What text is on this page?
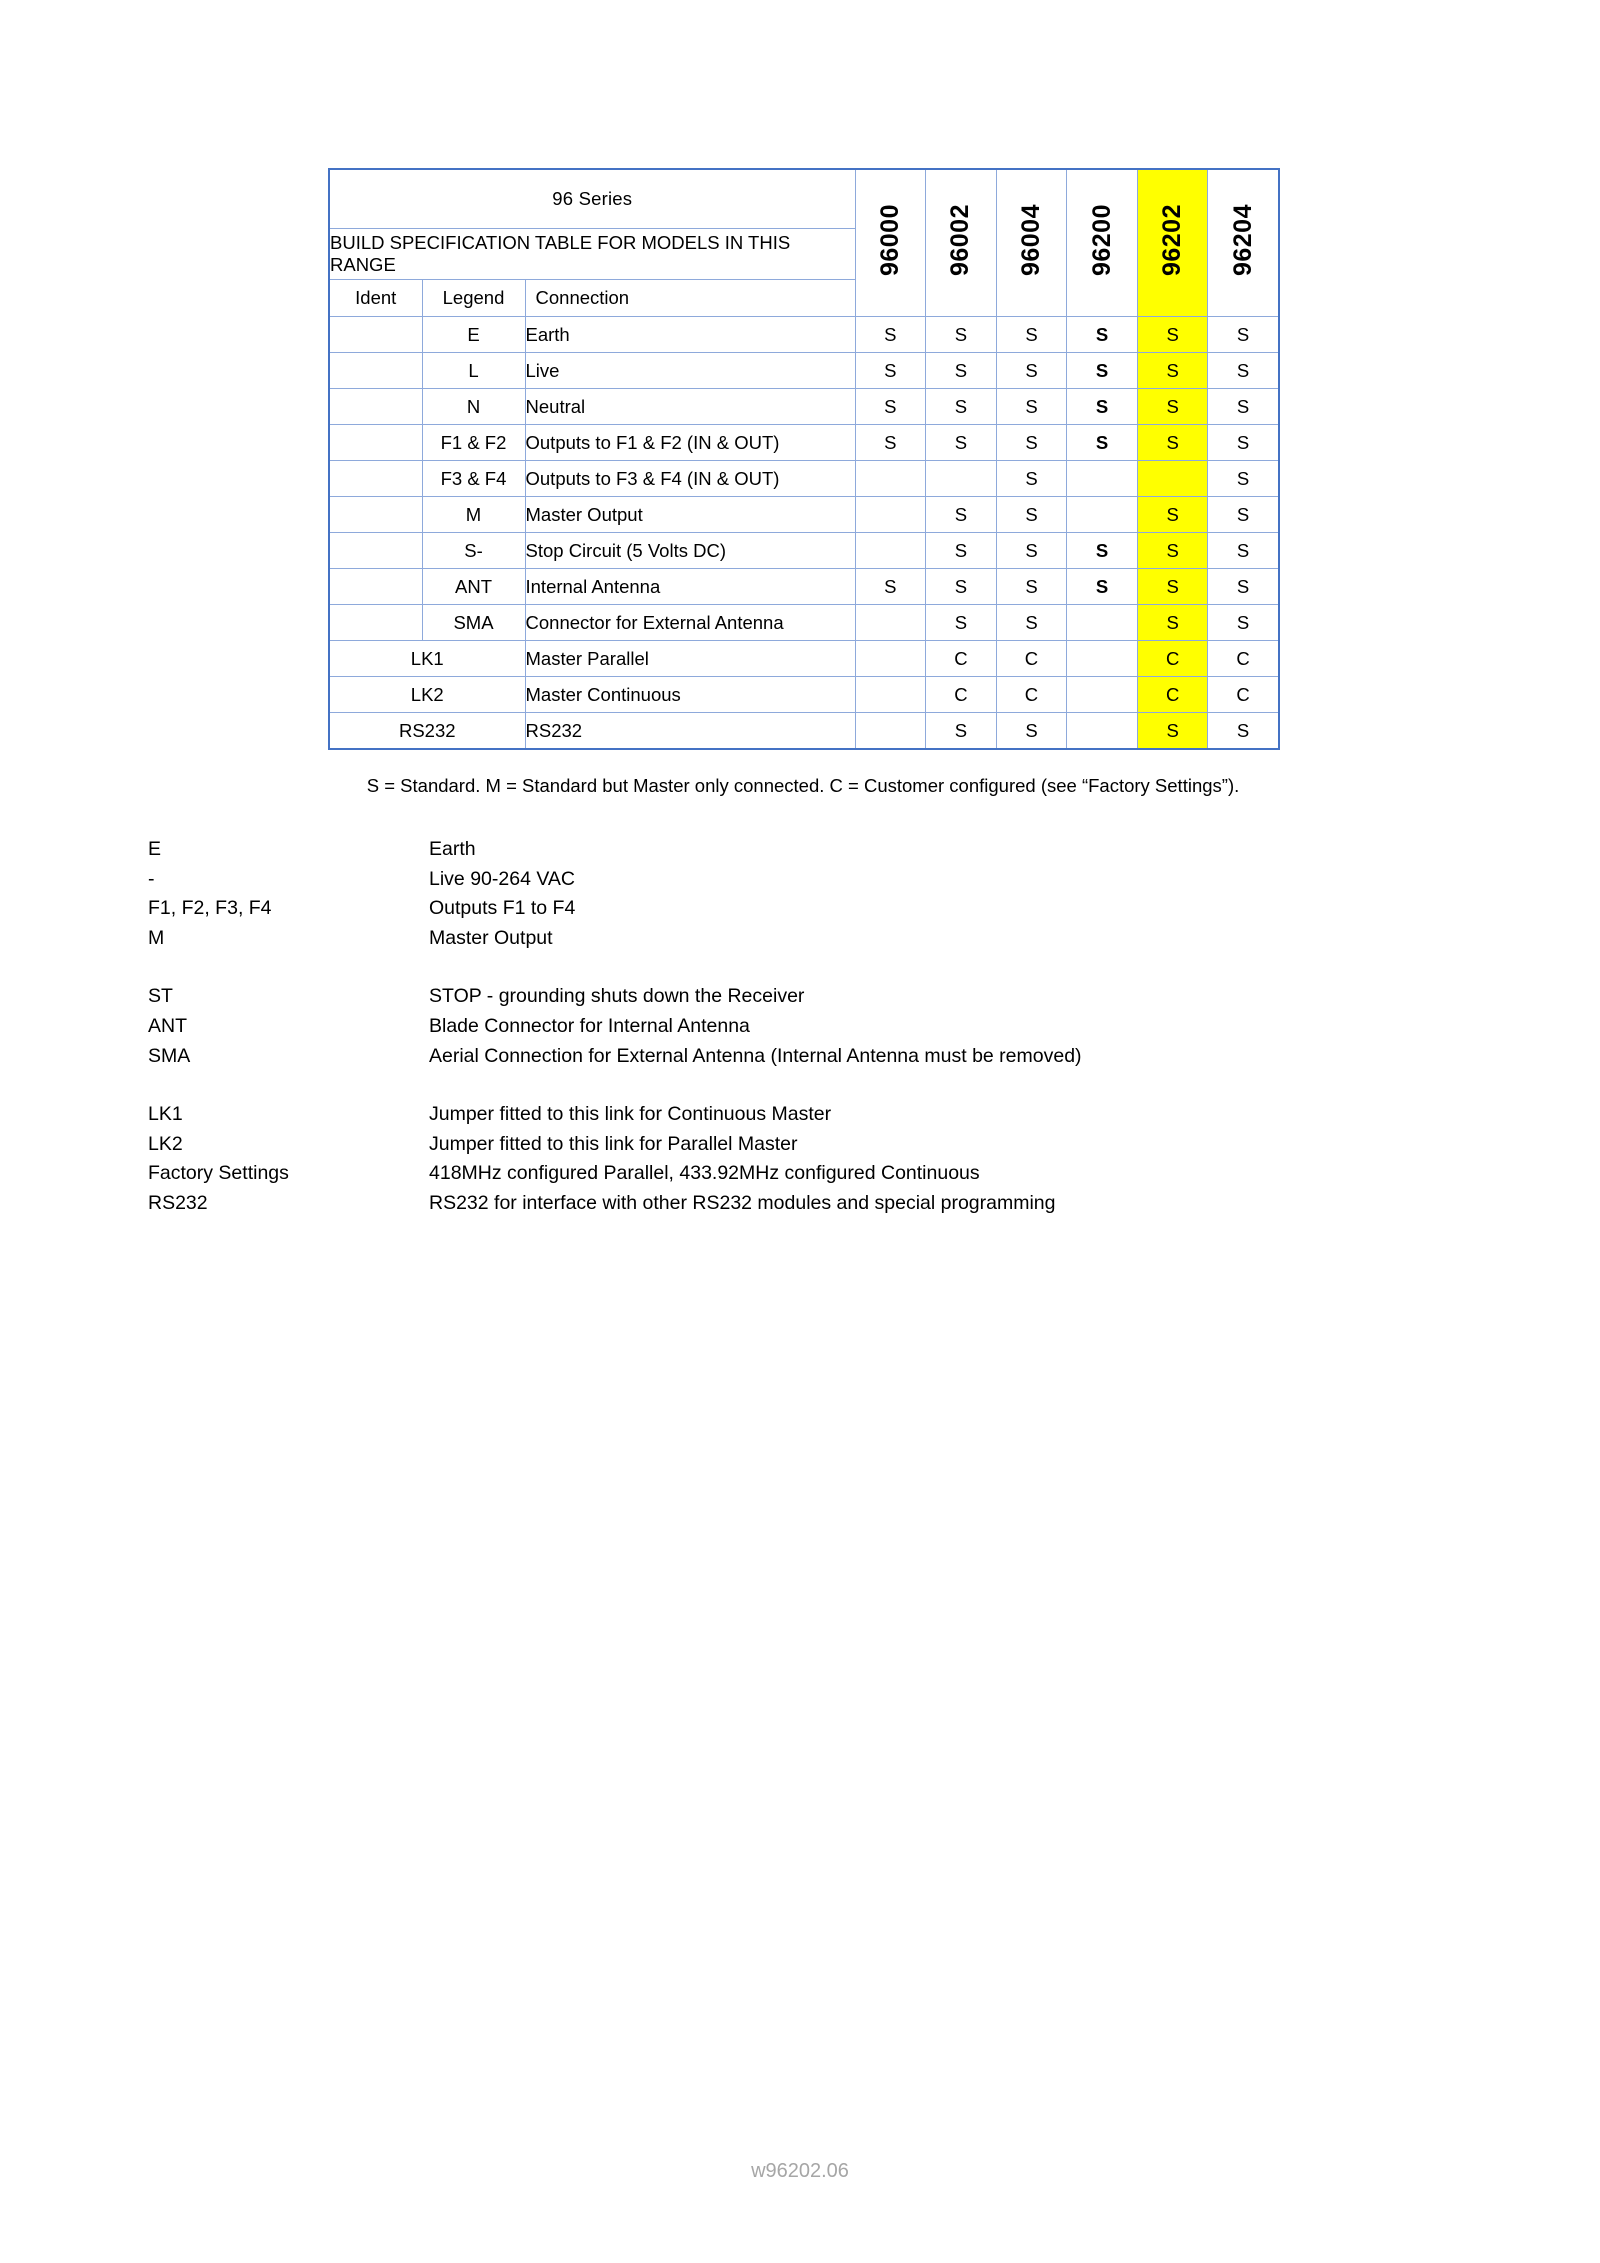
96 Series			96000	96002	96004	96200	96202	96204
BUILD SPECIFICATION TABLE FOR MODELS IN THIS RANGE								
Ident	Legend	Connection						
	E	Earth	S	S	S	S	S	S
	L	Live	S	S	S	S	S	S
	N	Neutral	S	S	S	S	S	S
	F1 & F2	Outputs to F1 & F2 (IN & OUT)	S	S	S	S	S	S
	F3 & F4	Outputs to F3 & F4 (IN & OUT)			S			S
	M	Master Output		S	S		S	S
	S-	Stop Circuit (5 Volts DC)		S	S	S	S	S
	ANT	Internal Antenna	S	S	S	S	S	S
	SMA	Connector for External Antenna		S	S		S	S
LK1		Master Parallel		C	C		C	C
LK2		Master Continuous		C	C		C	C
RS232		RS232		S	S		S	S
S = Standard. M = Standard but Master only connected. C = Customer configured (see “Factory Settings”).
E	Earth
-	Live 90-264 VAC
F1, F2, F3, F4	Outputs F1 to F4
M	Master Output
ST	STOP - grounding shuts down the Receiver
ANT	Blade Connector for Internal Antenna
SMA	Aerial Connection for External Antenna (Internal Antenna must be removed)
LK1	Jumper fitted to this link for Continuous Master
LK2	Jumper fitted to this link for Parallel Master
Factory Settings	418MHz configured Parallel, 433.92MHz configured Continuous
RS232	RS232 for interface with other RS232 modules and special programming
w96202.06
